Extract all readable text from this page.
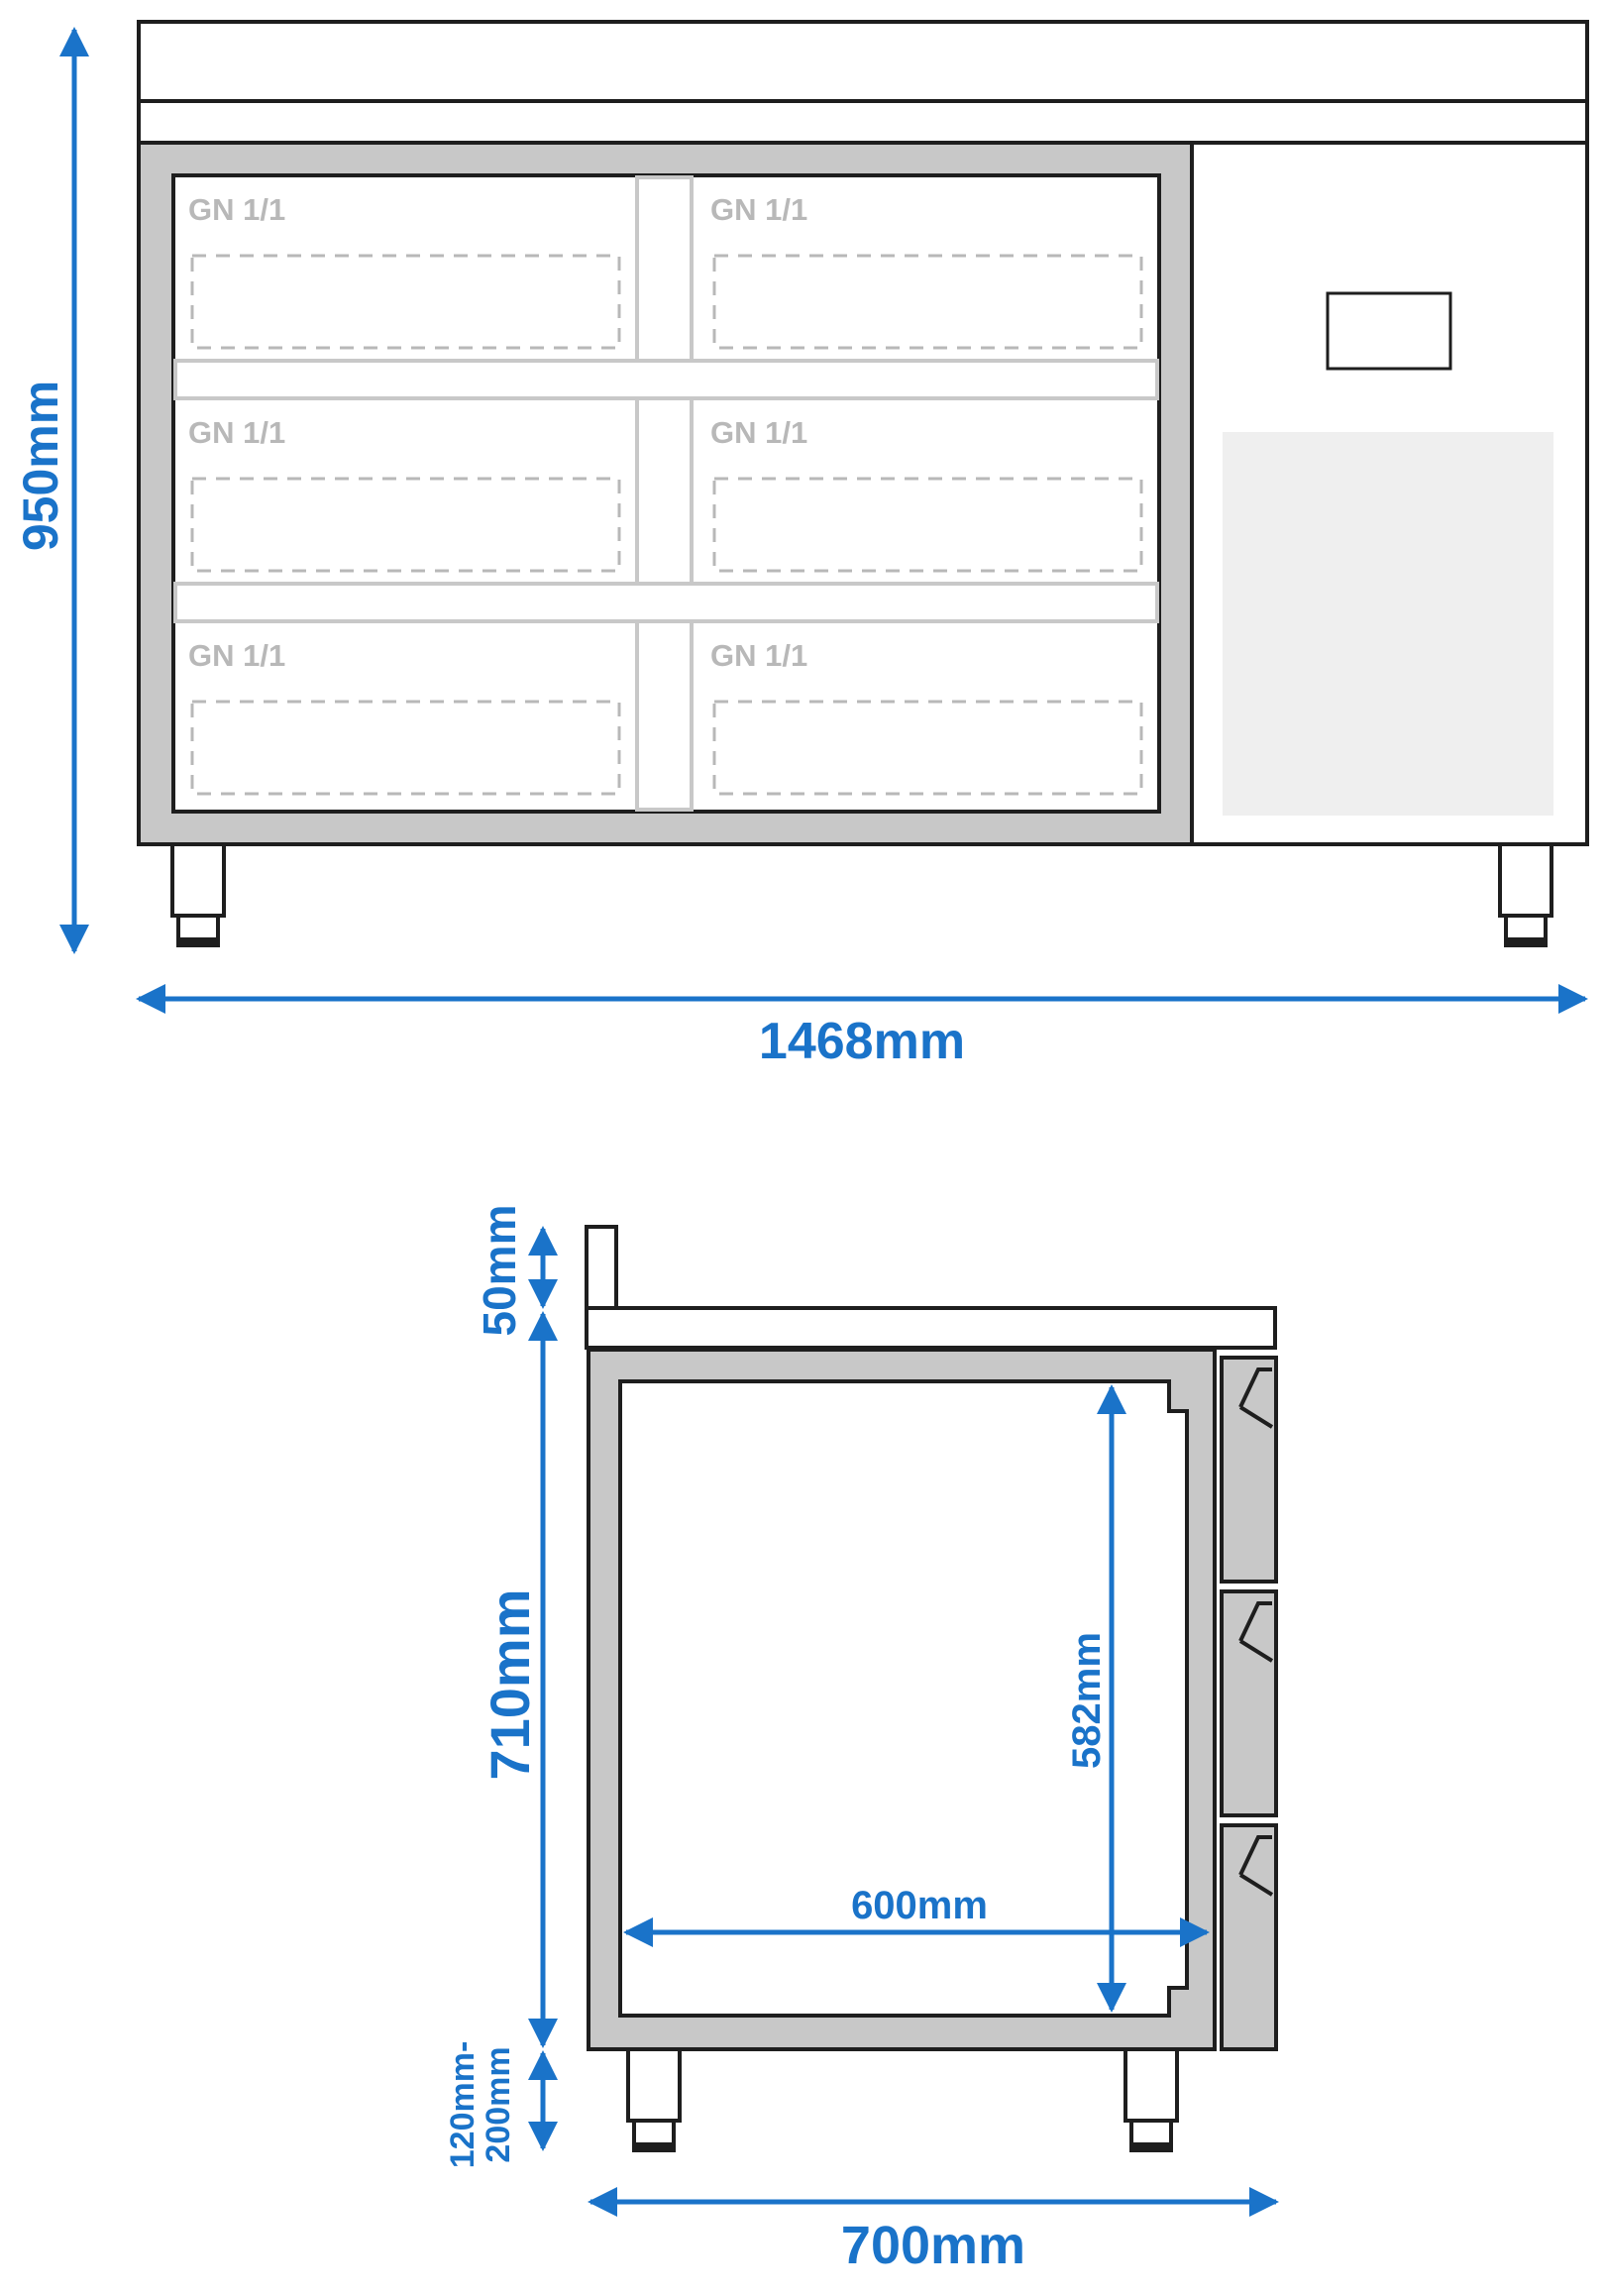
GN 1/1	GN 1/1
GN 1/1	GN 1/1
GN 1/1	GN 1/1
950mm
1468mm
50mm
710mm
120mm-
200mm
700mm
600mm
582mm
